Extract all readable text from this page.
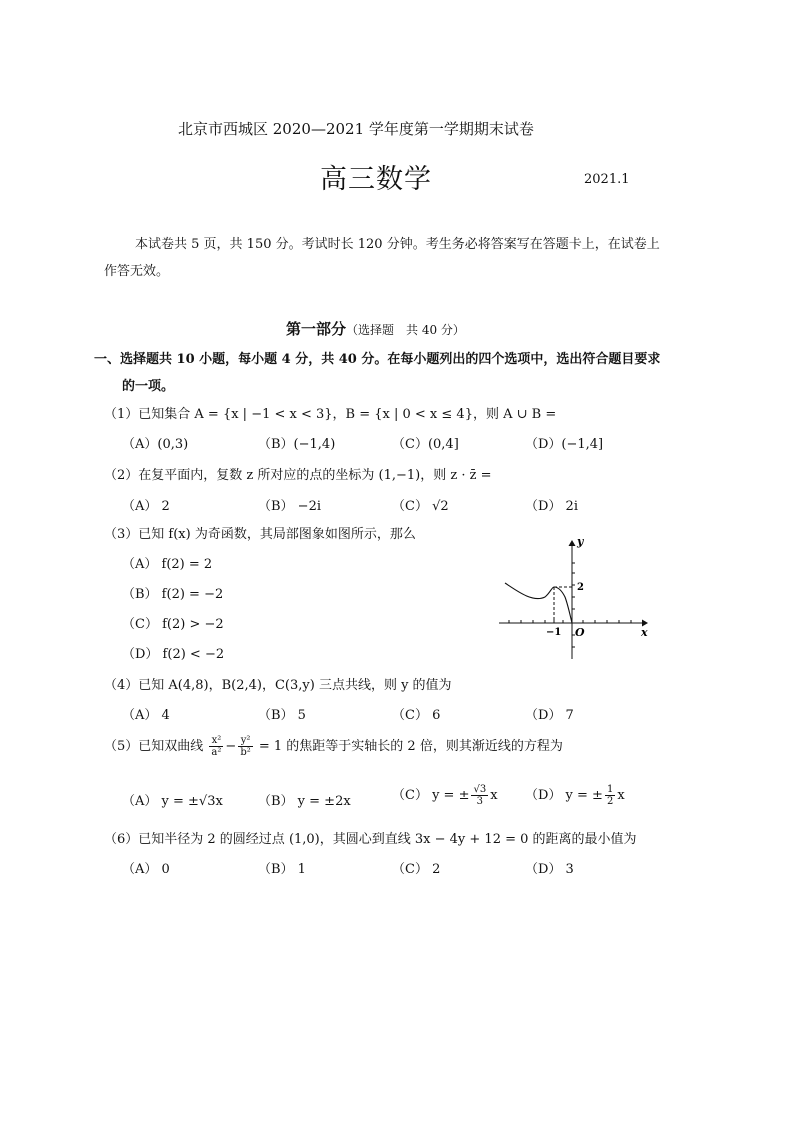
北京市西城区 2020—2021 学年度第一学期期末试卷
高三数学	2021.1
本试卷共 5 页，共 150 分。考试时长 120 分钟。考生务必将答案写在答题卡上，在试卷上
作答无效。
第一部分（选择题　共 40 分）
一、选择题共 10 小题，每小题 4 分，共 40 分。在每小题列出的四个选项中，选出符合题目要求
的一项。
（1）已知集合 A = {x | −1 < x < 3}，B = {x | 0 < x ≤ 4}，则 A ∪ B =
（A）(0,3)	（B）(−1,4)	（C）(0,4]	（D）(−1,4]
（2）在复平面内，复数 z 所对应的点的坐标为 (1,−1)，则 z · z̄ =
（A） 2	（B） −2i	（C） √2	（D） 2i
（3）已知 f(x) 为奇函数，其局部图象如图所示，那么
（A） f(2) = 2
（B） f(2) = −2
（C） f(2) > −2
（D） f(2) < −2
y
x
O
−1
2
（4）已知 A(4,8)，B(2,4)，C(3,y) 三点共线，则 y 的值为
（A） 4	（B） 5	（C） 6	（D） 7
（5）已知双曲线 $\frac{\text{x²}}{\text{a²}} - \frac{\text{y²}}{\text{b²}} = 1$ 的焦距等于实轴长的 2 倍，则其渐近线的方程为
（A） y = ±√3x	（B） y = ±2x	（C） y = ± $\frac{√3}{3}$ x （D） y = ± $\frac{1}{2}$ x
（6）已知半径为 2 的圆经过点 (1,0)，其圆心到直线 3x − 4y + 12 = 0 的距离的最小值为
（A） 0	（B） 1	（C） 2	（D） 3
